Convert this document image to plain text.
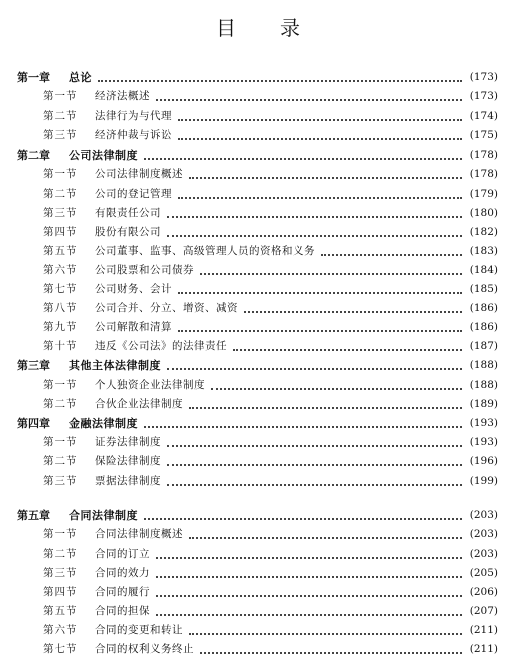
目 录
第一章	总论	(173)
第一节	经济法概述	(173)
第二节	法律行为与代理	(174)
第三节	经济仲裁与诉讼	(175)
第二章	公司法律制度	(178)
第一节	公司法律制度概述	(178)
第二节	公司的登记管理	(179)
第三节	有限责任公司	(180)
第四节	股份有限公司	(182)
第五节	公司董事、监事、高级管理人员的资格和义务	(183)
第六节	公司股票和公司债券	(184)
第七节	公司财务、会计	(185)
第八节	公司合并、分立、增资、减资	(186)
第九节	公司解散和清算	(186)
第十节	违反《公司法》的法律责任	(187)
第三章	其他主体法律制度	(188)
第一节	个人独资企业法律制度	(188)
第二节	合伙企业法律制度	(189)
第四章	金融法律制度	(193)
第一节	证券法律制度	(193)
第二节	保险法律制度	(196)
第三节	票据法律制度	(199)
第五章	合同法律制度	(203)
第一节	合同法律制度概述	(203)
第二节	合同的订立	(203)
第三节	合同的效力	(205)
第四节	合同的履行	(206)
第五节	合同的担保	(207)
第六节	合同的变更和转让	(211)
第七节	合同的权利义务终止	(211)
